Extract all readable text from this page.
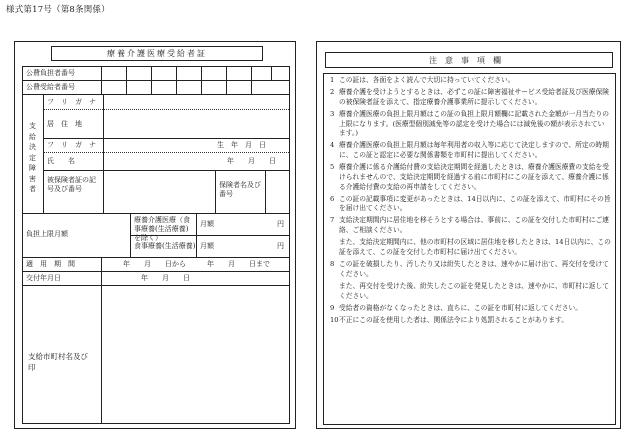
様式第17号（第8条関係）
療養介護医療受給者証
公費負担者番号
公費受給者番号
支給決定障害者
フ　リ　ガ　ナ
居　住　地
フ　リ　ガ　ナ	生　年　月　日
氏　　名	年　　月　　日
被保険者証の記号及び番号	保険者名及び番号
負担上限月額
療養介護医療（食事療養(生活療養)を除く）
月額	円
食事療養(生活療養) 月額	円
適　用　期　間	年　　月　　日から　　　年　　月　　日まで
交付年月日	年　　月　　日
支給市町村名及び印
注意事項欄
1 この証は、各面をよく読んで大切に持っていてください。
2 療養介護を受けようとするときは、必ずこの証に障害福祉サービス受給者証及び医療保険の被保険者証を添えて、指定療養介護事業所に提示してください。
3 療養介護医療の負担上限月額はこの証の負担上限月額欄に記載された金額が一月当たりの上限になります。(医療型個別減免等の認定を受けた場合には減免後の額が表示されています。)
4 療養介護医療の負担上限月額は毎年利用者の収入等に応じて決定しますので、所定の時期に、この証と認定に必要な関係書類を市町村に提出してください。
5 療養介護に係る介護給付費の支給決定期間を経過したときは、療養介護医療費の支給を受けられませんので、支給決定期間を経過する前に市町村にこの証を添えて、療養介護に係る介護給付費の支給の再申請をしてください。
6 この証の記載事項に変更があったときは、14日以内に、この証を添えて、市町村にその旨を届け出てください。
7 支給決定期間内に居住地を移そうとする場合は、事前に、この証を交付した市町村にご連絡、ご相談ください。
また、支給決定期間内に、他の市町村の区域に居住地を移したときは、14日以内に、この証を添えて、この証を交付した市町村に届け出てください。
8 この証を破損したり、汚したり又は紛失したときは、速やかに届け出て、再交付を受けてください。
また、再交付を受けた後、紛失したこの証を発見したときは、速やかに、市町村に返してください。
9 受給者の資格がなくなったときは、直ちに、この証を市町村に返してください。
10不正にこの証を使用した者は、関係法令により処罰されることがあります。
